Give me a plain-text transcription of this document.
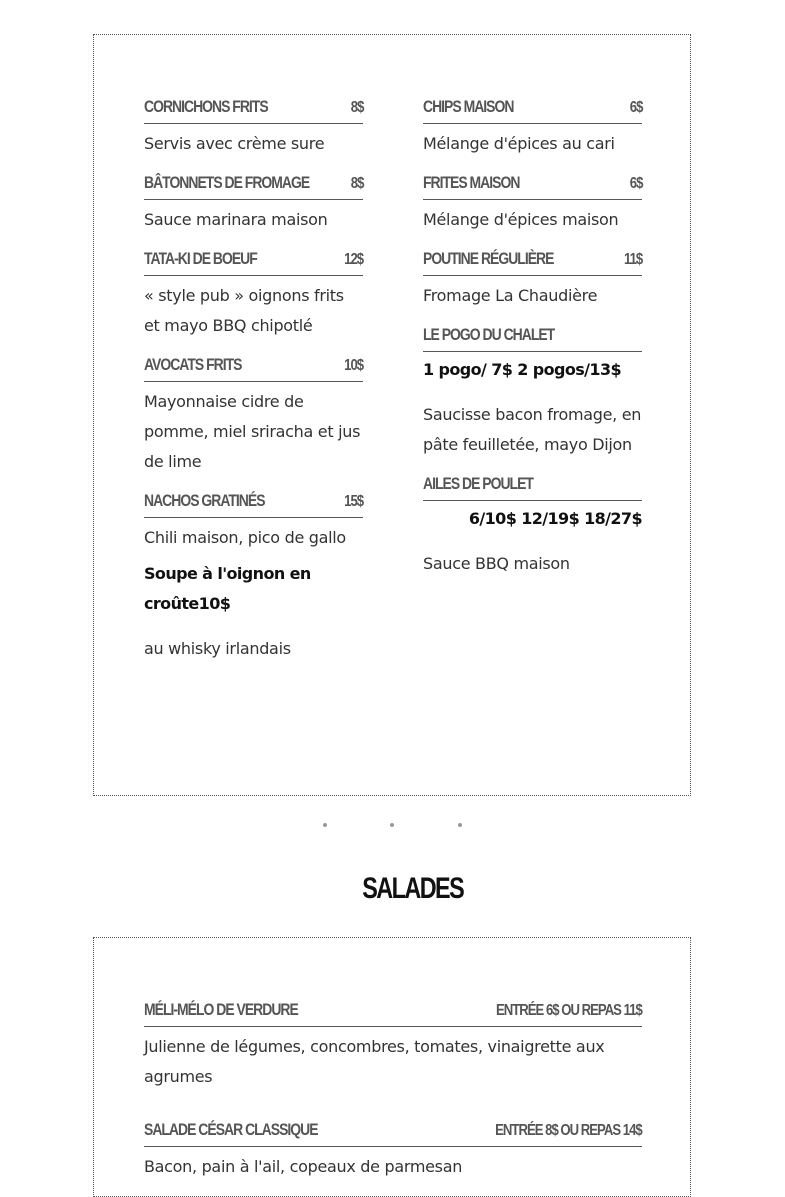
CORNICHONS FRITS	8$
Servis avec crème sure
BÂTONNETS DE FROMAGE	8$
Sauce marinara maison
TATA-KI DE BOEUF	12$
« style pub » oignons frits et mayo BBQ chipotlé
AVOCATS FRITS	10$
Mayonnaise cidre de pomme, miel sriracha et jus de lime
NACHOS GRATINÉS	15$
Chili maison, pico de gallo
Soupe à l'oignon en croûte10$
au whisky irlandais
CHIPS MAISON	6$
Mélange d'épices au cari
FRITES MAISON	6$
Mélange d'épices maison
POUTINE RÉGULIÈRE	11$
Fromage La Chaudière
LE POGO DU CHALET
1 pogo/ 7$ 2 pogos/13$
Saucisse bacon fromage, en pâte feuilletée, mayo Dijon
AILES DE POULET
6/10$ 12/19$ 18/27$
Sauce BBQ maison
SALADES
MÉLI-MÉLO DE VERDURE	ENTRÉE 6$ OU REPAS 11$
Julienne de légumes, concombres, tomates, vinaigrette aux agrumes
SALADE CÉSAR CLASSIQUE	ENTRÉE 8$ OU REPAS 14$
Bacon, pain à l'ail, copeaux de parmesan
